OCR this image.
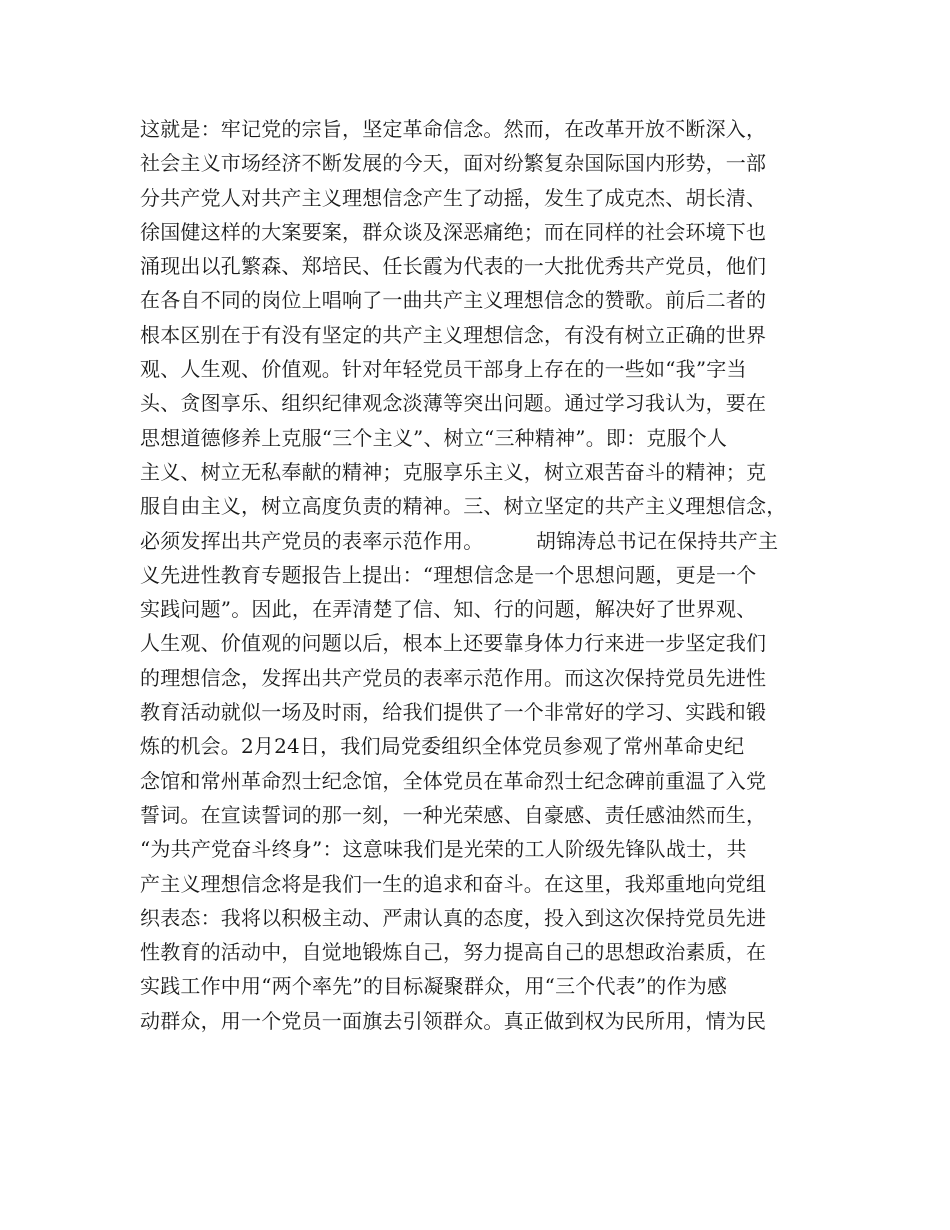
这就是：牢记党的宗旨，坚定革命信念。然而，在改革开放不断深入，
社会主义市场经济不断发展的今天，面对纷繁复杂国际国内形势，一部
分共产党人对共产主义理想信念产生了动摇，发生了成克杰、胡长清、
徐国健这样的大案要案，群众谈及深恶痛绝；而在同样的社会环境下也
涌现出以孔繁森、郑培民、任长霞为代表的一大批优秀共产党员，他们
在各自不同的岗位上唱响了一曲共产主义理想信念的赞歌。前后二者的
根本区别在于有没有坚定的共产主义理想信念，有没有树立正确的世界
观、人生观、价值观。针对年轻党员干部身上存在的一些如“我”字当
头、贪图享乐、组织纪律观念淡薄等突出问题。通过学习我认为，要在
思想道德修养上克服“三个主义”、树立“三种精神”。即：克服个人
主义、树立无私奉献的精神；克服享乐主义，树立艰苦奋斗的精神；克
服自由主义，树立高度负责的精神。三、树立坚定的共产主义理想信念，
必须发挥出共产党员的表率示范作用。        胡锦涛总书记在保持共产主
义先进性教育专题报告上提出：“理想信念是一个思想问题，更是一个
实践问题”。因此，在弄清楚了信、知、行的问题，解决好了世界观、
人生观、价值观的问题以后，根本上还要靠身体力行来进一步坚定我们
的理想信念，发挥出共产党员的表率示范作用。而这次保持党员先进性
教育活动就似一场及时雨，给我们提供了一个非常好的学习、实践和锻
炼的机会。2月24日，我们局党委组织全体党员参观了常州革命史纪
念馆和常州革命烈士纪念馆，全体党员在革命烈士纪念碑前重温了入党
誓词。在宣读誓词的那一刻，一种光荣感、自豪感、责任感油然而生，
“为共产党奋斗终身”：这意味我们是光荣的工人阶级先锋队战士，共
产主义理想信念将是我们一生的追求和奋斗。在这里，我郑重地向党组
织表态：我将以积极主动、严肃认真的态度，投入到这次保持党员先进
性教育的活动中，自觉地锻炼自己，努力提高自己的思想政治素质，在
实践工作中用“两个率先”的目标凝聚群众，用“三个代表”的作为感
动群众，用一个党员一面旗去引领群众。真正做到权为民所用，情为民
